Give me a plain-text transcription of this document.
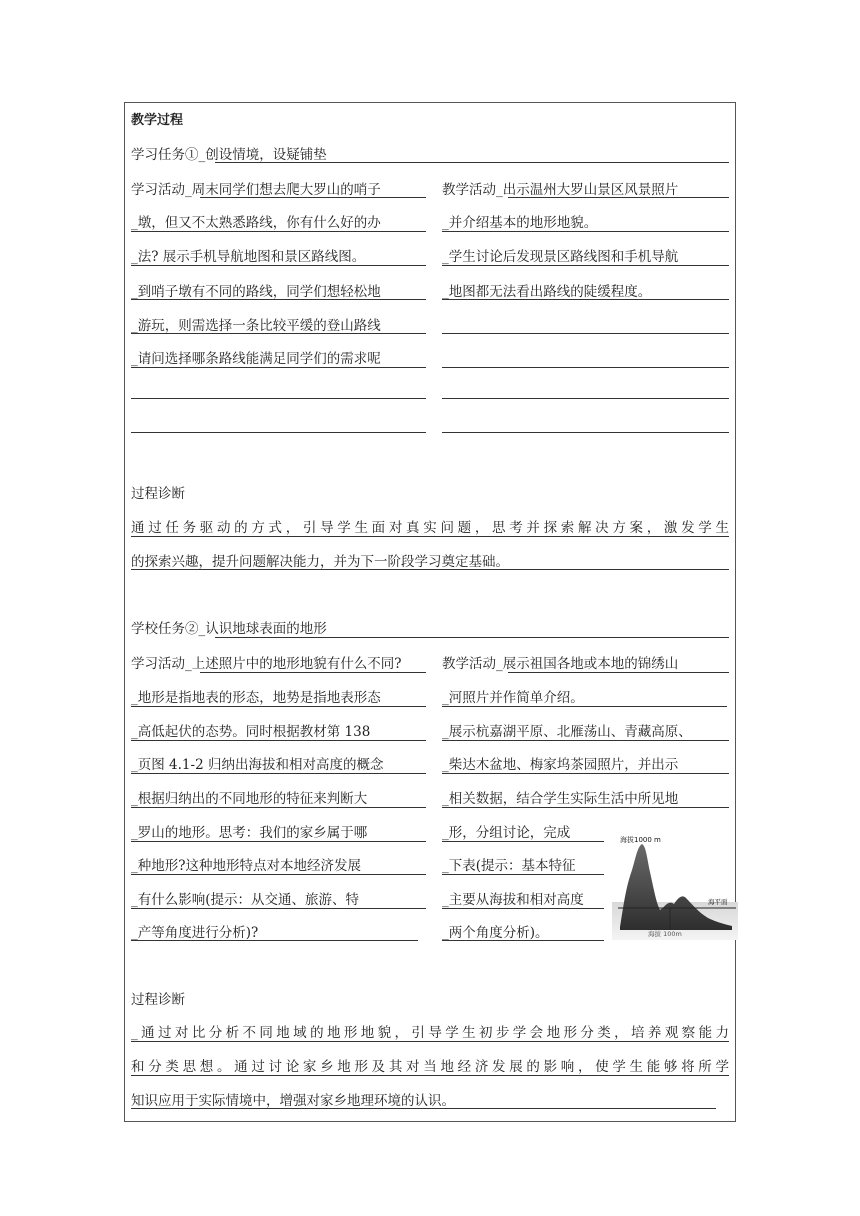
教学过程
学习任务①_创设情境，设疑铺垫
学习活动_周末同学们想去爬大罗山的哨子
_墩，但又不太熟悉路线，你有什么好的办
_法? 展示手机导航地图和景区路线图。
_到哨子墩有不同的路线，同学们想轻松地
_游玩，则需选择一条比较平缓的登山路线
_请问选择哪条路线能满足同学们的需求呢
教学活动_出示温州大罗山景区风景照片
_并介绍基本的地形地貌。
_学生讨论后发现景区路线图和手机导航
_地图都无法看出路线的陡缓程度。
过程诊断
通过任务驱动的方式，引导学生面对真实问题，思考并探索解决方案，激发学生
的探索兴趣，提升问题解决能力，并为下一阶段学习奠定基础。
学校任务②_认识地球表面的地形
学习活动_上述照片中的地形地貌有什么不同?
_地形是指地表的形态，地势是指地表形态
_高低起伏的态势。同时根据教材第 138
_页图 4.1-2 归纳出海拔和相对高度的概念
_根据归纳出的不同地形的特征来判断大
_罗山的地形。思考：我们的家乡属于哪
_种地形?这种地形特点对本地经济发展
_有什么影响(提示：从交通、旅游、特
_产等角度进行分析)?
教学活动_展示祖国各地或本地的锦绣山
_河照片并作简单介绍。
_展示杭嘉湖平原、北雁荡山、青藏高原、
_柴达木盆地、梅家坞茶园照片，并出示
_相关数据，结合学生实际生活中所见地
_形，分组讨论，完成
_下表(提示：基本特征
_主要从海拔和相对高度
_两个角度分析)。
海拔1000 m
海平面
海拔 100m
过程诊断
_通过对比分析不同地域的地形地貌，引导学生初步学会地形分类，培养观察能力
和分类思想。通过讨论家乡地形及其对当地经济发展的影响，使学生能够将所学
知识应用于实际情境中，增强对家乡地理环境的认识。
